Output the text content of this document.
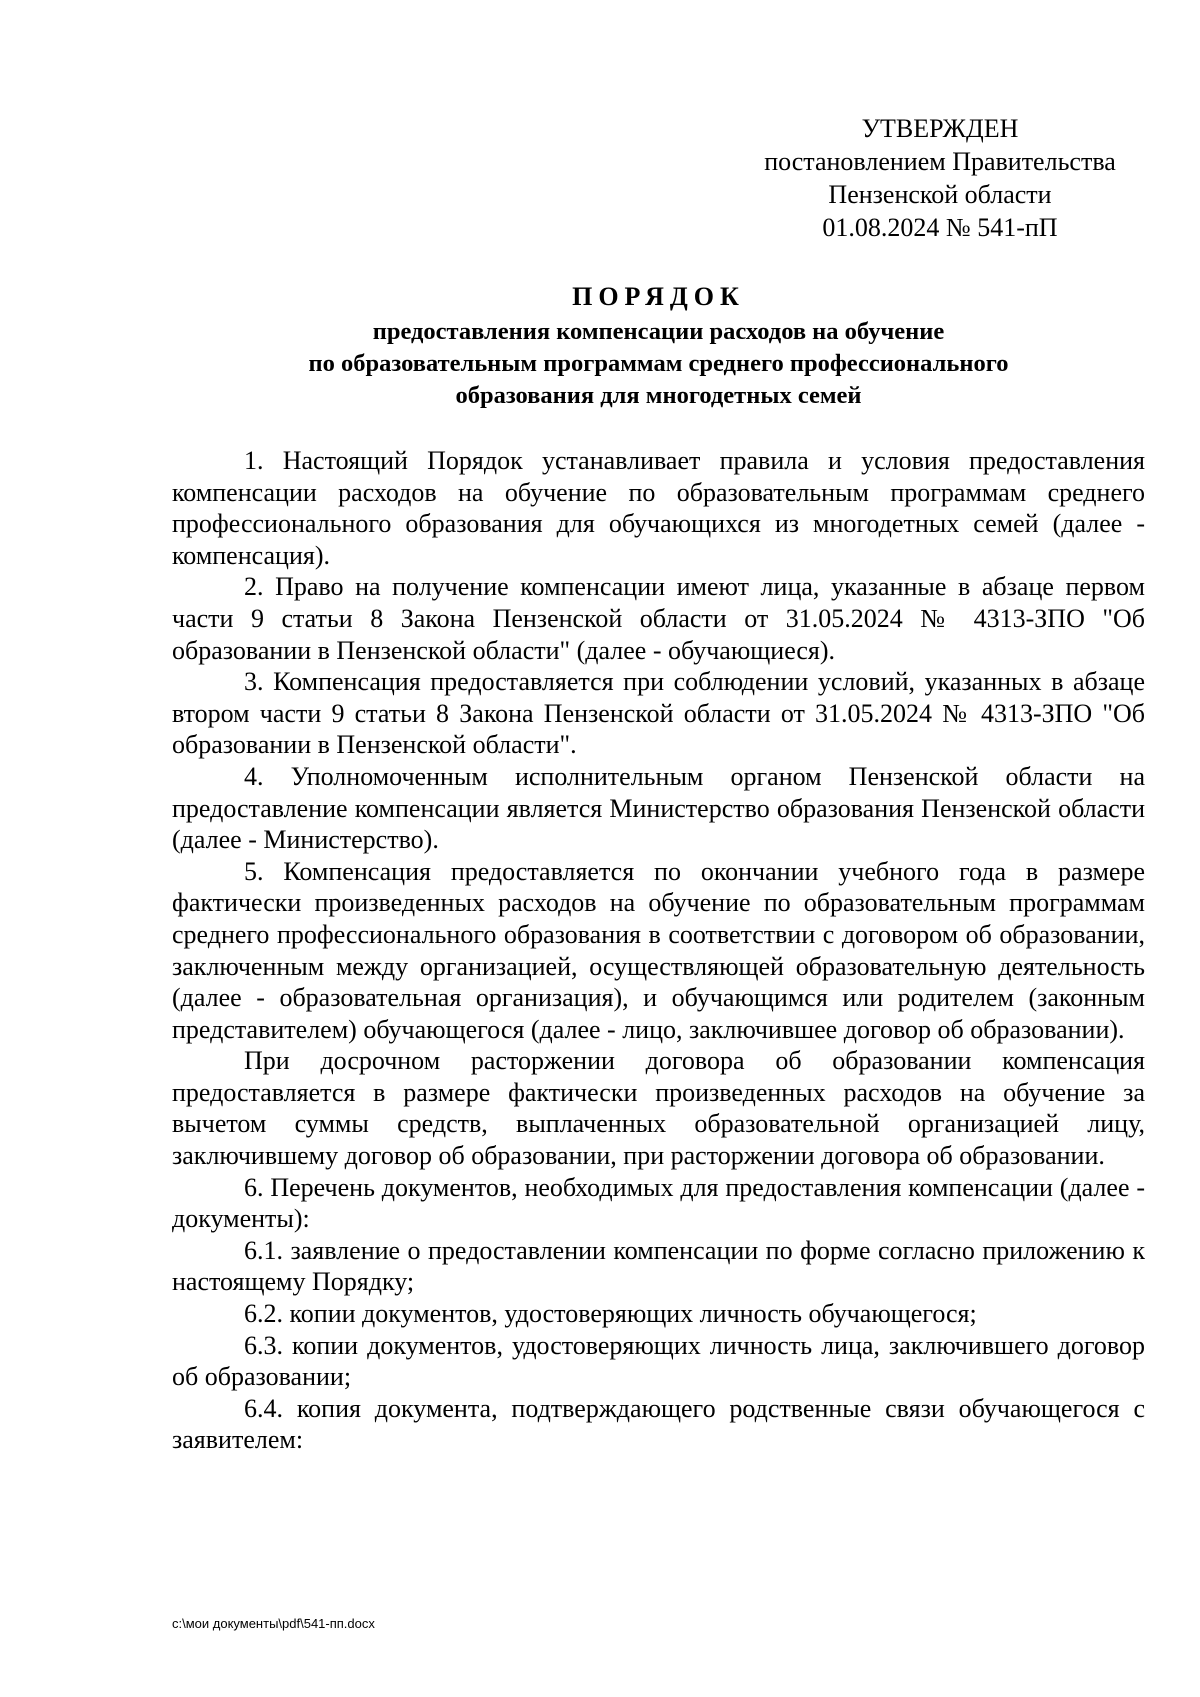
УТВЕРЖДЕН
постановлением Правительства
Пензенской области
01.08.2024 № 541-пП
ПОРЯДОК
предоставления компенсации расходов на обучение
по образовательным программам среднего профессионального
образования для многодетных семей

1. Настоящий Порядок устанавливает правила и условия предоставления компенсации расходов на обучение по образовательным программам среднего профессионального образования для обучающихся из многодетных семей (далее - компенсация).

2. Право на получение компенсации имеют лица, указанные в абзаце первом части 9 статьи 8 Закона Пензенской области от 31.05.2024 № 4313-ЗПО "Об образовании в Пензенской области" (далее - обучающиеся).

3. Компенсация предоставляется при соблюдении условий, указанных в абзаце втором части 9 статьи 8 Закона Пензенской области от 31.05.2024 № 4313-ЗПО "Об образовании в Пензенской области".

4. Уполномоченным исполнительным органом Пензенской области на предоставление компенсации является Министерство образования Пензенской области (далее - Министерство).

5. Компенсация предоставляется по окончании учебного года в размере фактически произведенных расходов на обучение по образовательным программам среднего профессионального образования в соответствии с договором об образовании, заключенным между организацией, осуществляющей образовательную деятельность (далее - образовательная организация), и обучающимся или родителем (законным представителем) обучающегося (далее - лицо, заключившее договор об образовании).

При досрочном расторжении договора об образовании компенсация предоставляется в размере фактически произведенных расходов на обучение за вычетом суммы средств, выплаченных образовательной организацией лицу, заключившему договор об образовании, при расторжении договора об образовании.

6. Перечень документов, необходимых для предоставления компенсации (далее - документы):

6.1. заявление о предоставлении компенсации по форме согласно приложению к настоящему Порядку;

6.2. копии документов, удостоверяющих личность обучающегося;

6.3. копии документов, удостоверяющих личность лица, заключившего договор об образовании;

6.4. копия документа, подтверждающего родственные связи обучающегося с заявителем:

c:\мои документы\pdf\541-пп.docx
